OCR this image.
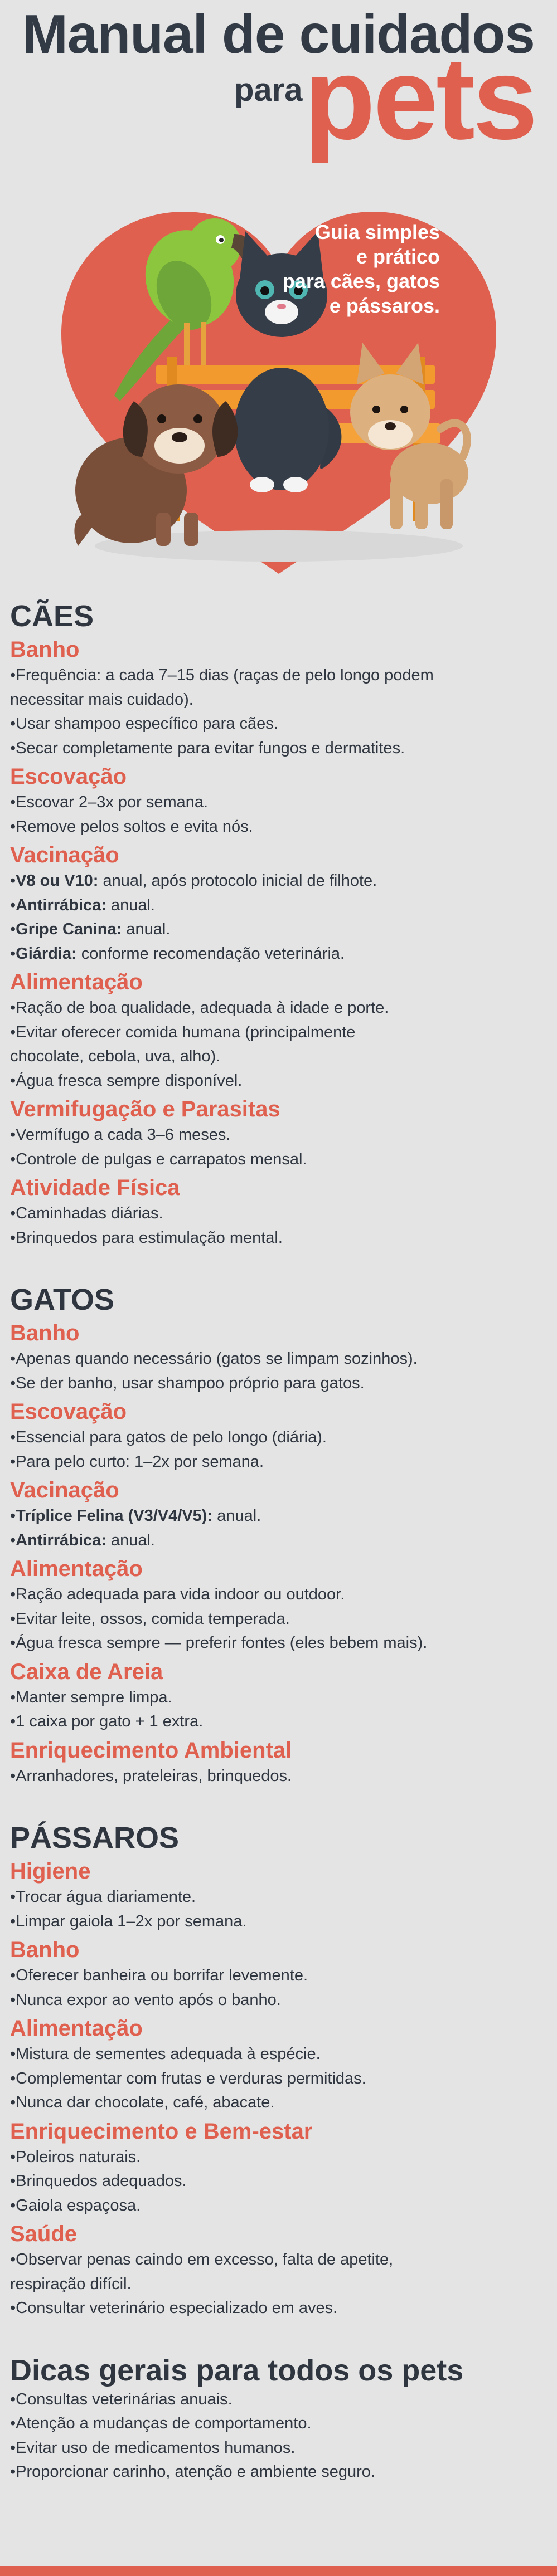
Manual de cuidados
para pets
Guia simples
e prático
para cães, gatos
e pássaros.
CÃES
Banho

•Frequência: a cada 7–15 dias (raças de pelo longo podem

necessitar mais cuidado).

•Usar shampoo específico para cães.

•Secar completamente para evitar fungos e dermatites.

Escovação

•Escovar 2–3x por semana.

•Remove pelos soltos e evita nós.

Vacinação

•V8 ou V10: anual, após protocolo inicial de filhote.

•Antirrábica: anual.

•Gripe Canina: anual.

•Giárdia: conforme recomendação veterinária.

Alimentação

•Ração de boa qualidade, adequada à idade e porte.

•Evitar oferecer comida humana (principalmente

chocolate, cebola, uva, alho).

•Água fresca sempre disponível.

Vermifugação e Parasitas

•Vermífugo a cada 3–6 meses.

•Controle de pulgas e carrapatos mensal.

Atividade Física

•Caminhadas diárias.

•Brinquedos para estimulação mental.

GATOS
Banho

•Apenas quando necessário (gatos se limpam sozinhos).

•Se der banho, usar shampoo próprio para gatos.

Escovação

•Essencial para gatos de pelo longo (diária).

•Para pelo curto: 1–2x por semana.

Vacinação

•Tríplice Felina (V3/V4/V5): anual.

•Antirrábica: anual.

Alimentação

•Ração adequada para vida indoor ou outdoor.

•Evitar leite, ossos, comida temperada.

•Água fresca sempre — preferir fontes (eles bebem mais).

Caixa de Areia

•Manter sempre limpa.

•1 caixa por gato + 1 extra.

Enriquecimento Ambiental

•Arranhadores, prateleiras, brinquedos.

PÁSSAROS
Higiene

•Trocar água diariamente.

•Limpar gaiola 1–2x por semana.

Banho

•Oferecer banheira ou borrifar levemente.

•Nunca expor ao vento após o banho.

Alimentação

•Mistura de sementes adequada à espécie.

•Complementar com frutas e verduras permitidas.

•Nunca dar chocolate, café, abacate.

Enriquecimento e Bem-estar

•Poleiros naturais.

•Brinquedos adequados.

•Gaiola espaçosa.

Saúde

•Observar penas caindo em excesso, falta de apetite,

respiração difícil.

•Consultar veterinário especializado em aves.

Dicas gerais para todos os pets

•Consultas veterinárias anuais.

•Atenção a mudanças de comportamento.

•Evitar uso de medicamentos humanos.

•Proporcionar carinho, atenção e ambiente seguro.
